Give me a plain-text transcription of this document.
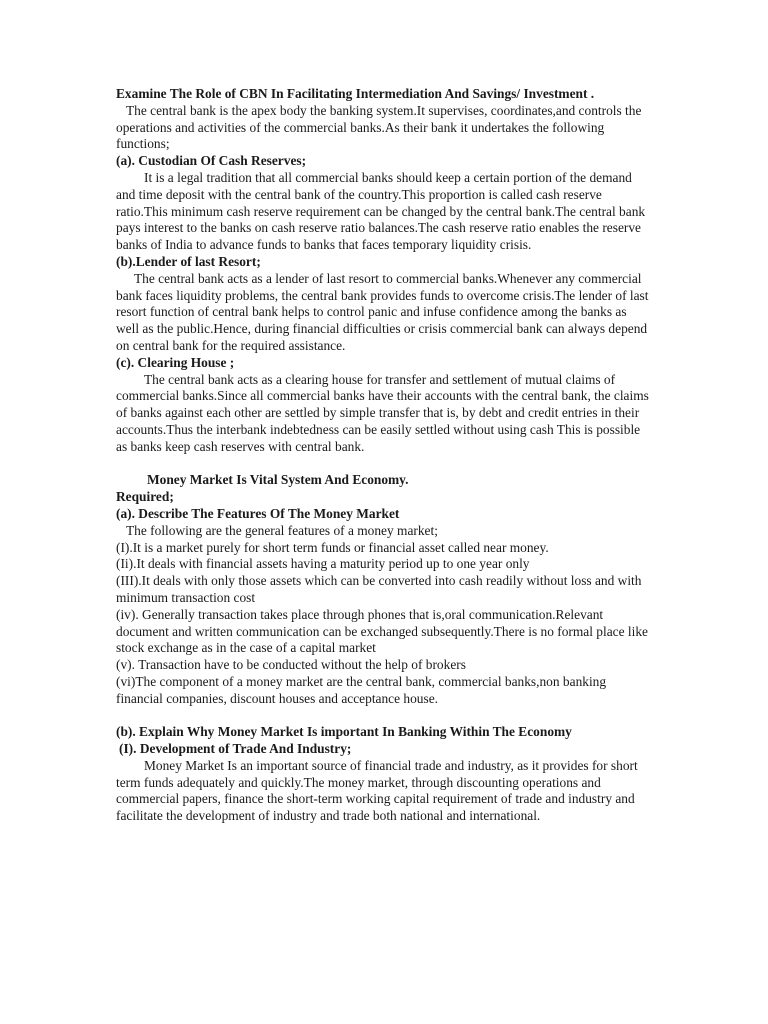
Examine The Role of CBN In Facilitating Intermediation And Savings/ Investment .

The central bank is the apex body the banking system.It supervises, coordinates,and controls the operations and activities of the commercial banks.As their bank it undertakes the following functions;

(a). Custodian Of Cash Reserves;

It is a legal tradition that all commercial banks should keep a certain portion of the demand and time deposit with the central bank of the country.This proportion is called cash reserve ratio.This minimum cash reserve requirement can be changed by the central bank.The central bank pays interest to the banks on cash reserve ratio balances.The cash reserve ratio enables the reserve banks of India to advance funds to banks that faces temporary liquidity crisis.

(b).Lender of last Resort;

The central bank acts as a lender of last resort to commercial banks.Whenever any commercial bank faces liquidity problems, the central bank provides funds to overcome crisis.The lender of last resort function of central bank helps to control panic and infuse confidence among the banks as well as the public.Hence, during financial difficulties or crisis commercial bank can always depend on central bank for the required assistance.

(c). Clearing House ;

The central bank acts as a clearing house for transfer and settlement of mutual claims of commercial banks.Since all commercial banks have their accounts with the central bank, the claims of banks against each other are settled by simple transfer that is, by debt and credit entries in their accounts.Thus the interbank indebtedness can be easily settled without using cash This is possible as banks keep cash reserves with central bank.

Money Market Is Vital System And Economy.

Required;

(a). Describe The Features Of The Money Market

The following are the general features of a money market;

(I).It is a market purely for short term funds or financial asset called near money.

(Ii).It deals with financial assets having a maturity period up to one year only

(III).It deals with only those assets which can be converted into cash readily without loss and with minimum transaction cost

(iv). Generally transaction takes place through phones that is,oral communication.Relevant document and written communication can be exchanged subsequently.There is no formal place like stock exchange as in the case of a capital market

(v). Transaction have to be conducted without the help of brokers

(vi)The component of a money market are the central bank, commercial banks,non banking financial companies, discount houses and acceptance house.

(b). Explain Why Money Market Is important In Banking Within The Economy

(I). Development of Trade And Industry;

Money Market Is an important source of financial trade and industry, as it provides for short term funds adequately and quickly.The money market, through discounting operations and commercial papers, finance the short-term working capital requirement of trade and industry and facilitate the development of industry and trade both national and international.
